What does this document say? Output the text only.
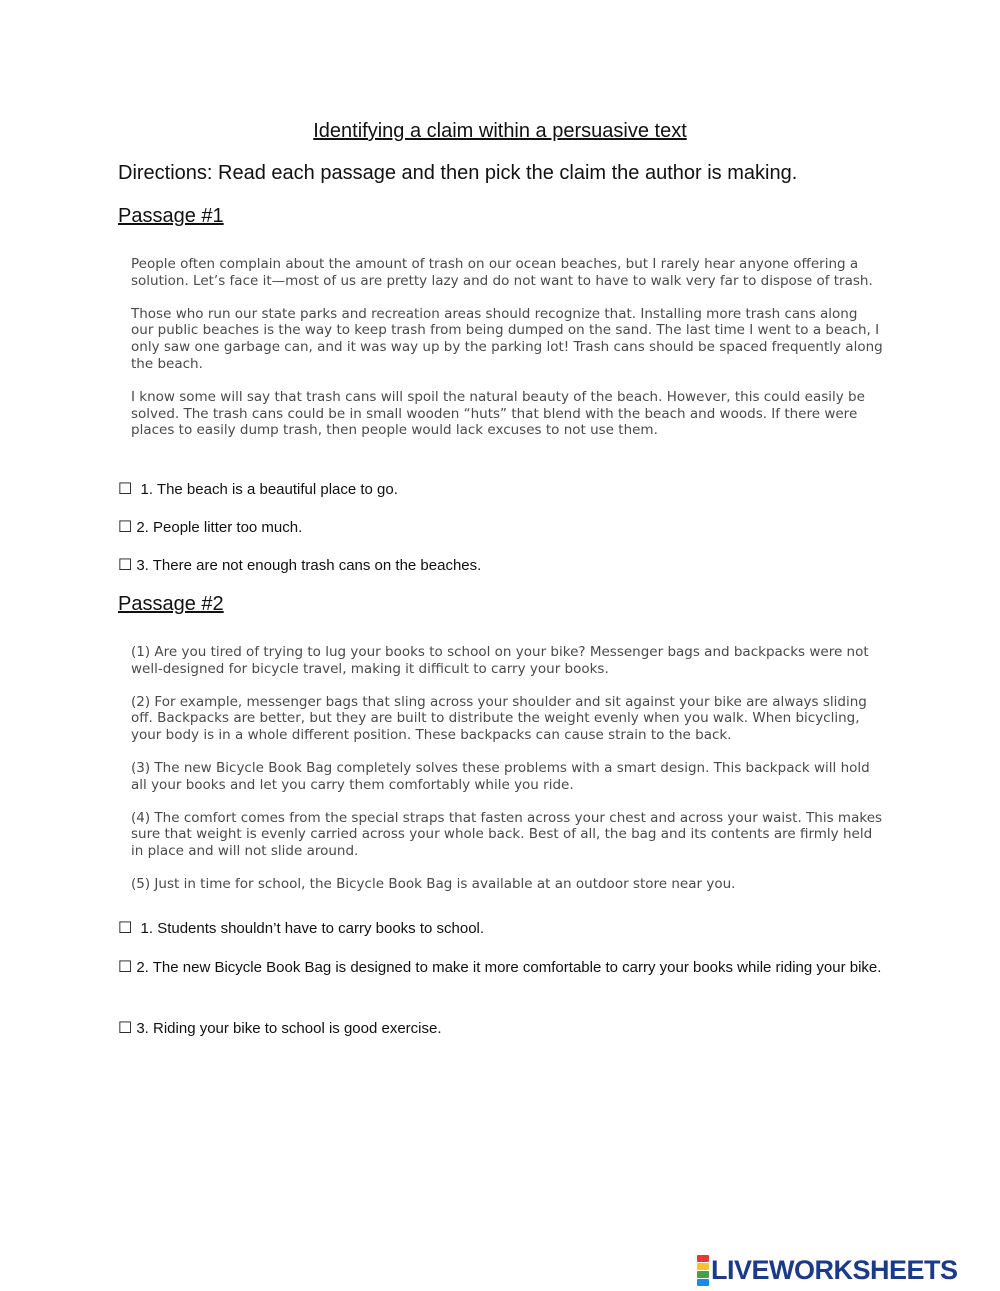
Identifying a claim within a persuasive text
Directions: Read each passage and then pick the claim the author is making.
Passage #1

People often complain about the amount of trash on our ocean beaches, but I rarely hear anyone offering a solution. Let’s face it—most of us are pretty lazy and do not want to have to walk very far to dispose of trash.

Those who run our state parks and recreation areas should recognize that. Installing more trash cans along our public beaches is the way to keep trash from being dumped on the sand. The last time I went to a beach, I only saw one garbage can, and it was way up by the parking lot! Trash cans should be spaced frequently along the beach.

I know some will say that trash cans will spoil the natural beauty of the beach. However, this could easily be solved. The trash cans could be in small wooden “huts” that blend with the beach and woods. If there were places to easily dump trash, then people would lack excuses to not use them.

☐ 1. The beach is a beautiful place to go.
☐ 2. People litter too much.
☐ 3. There are not enough trash cans on the beaches.
Passage #2

(1) Are you tired of trying to lug your books to school on your bike? Messenger bags and backpacks were not well-designed for bicycle travel, making it difficult to carry your books.

(2) For example, messenger bags that sling across your shoulder and sit against your bike are always sliding off. Backpacks are better, but they are built to distribute the weight evenly when you walk. When bicycling, your body is in a whole different position. These backpacks can cause strain to the back.

(3) The new Bicycle Book Bag completely solves these problems with a smart design. This backpack will hold all your books and let you carry them comfortably while you ride.

(4) The comfort comes from the special straps that fasten across your chest and across your waist. This makes sure that weight is evenly carried across your whole back. Best of all, the bag and its contents are firmly held in place and will not slide around.

(5) Just in time for school, the Bicycle Book Bag is available at an outdoor store near you.

☐ 1. Students shouldn’t have to carry books to school.
☐ 2. The new Bicycle Book Bag is designed to make it more comfortable to carry your books while riding your bike.
☐ 3. Riding your bike to school is good exercise.
LIVEWORKSHEETS
